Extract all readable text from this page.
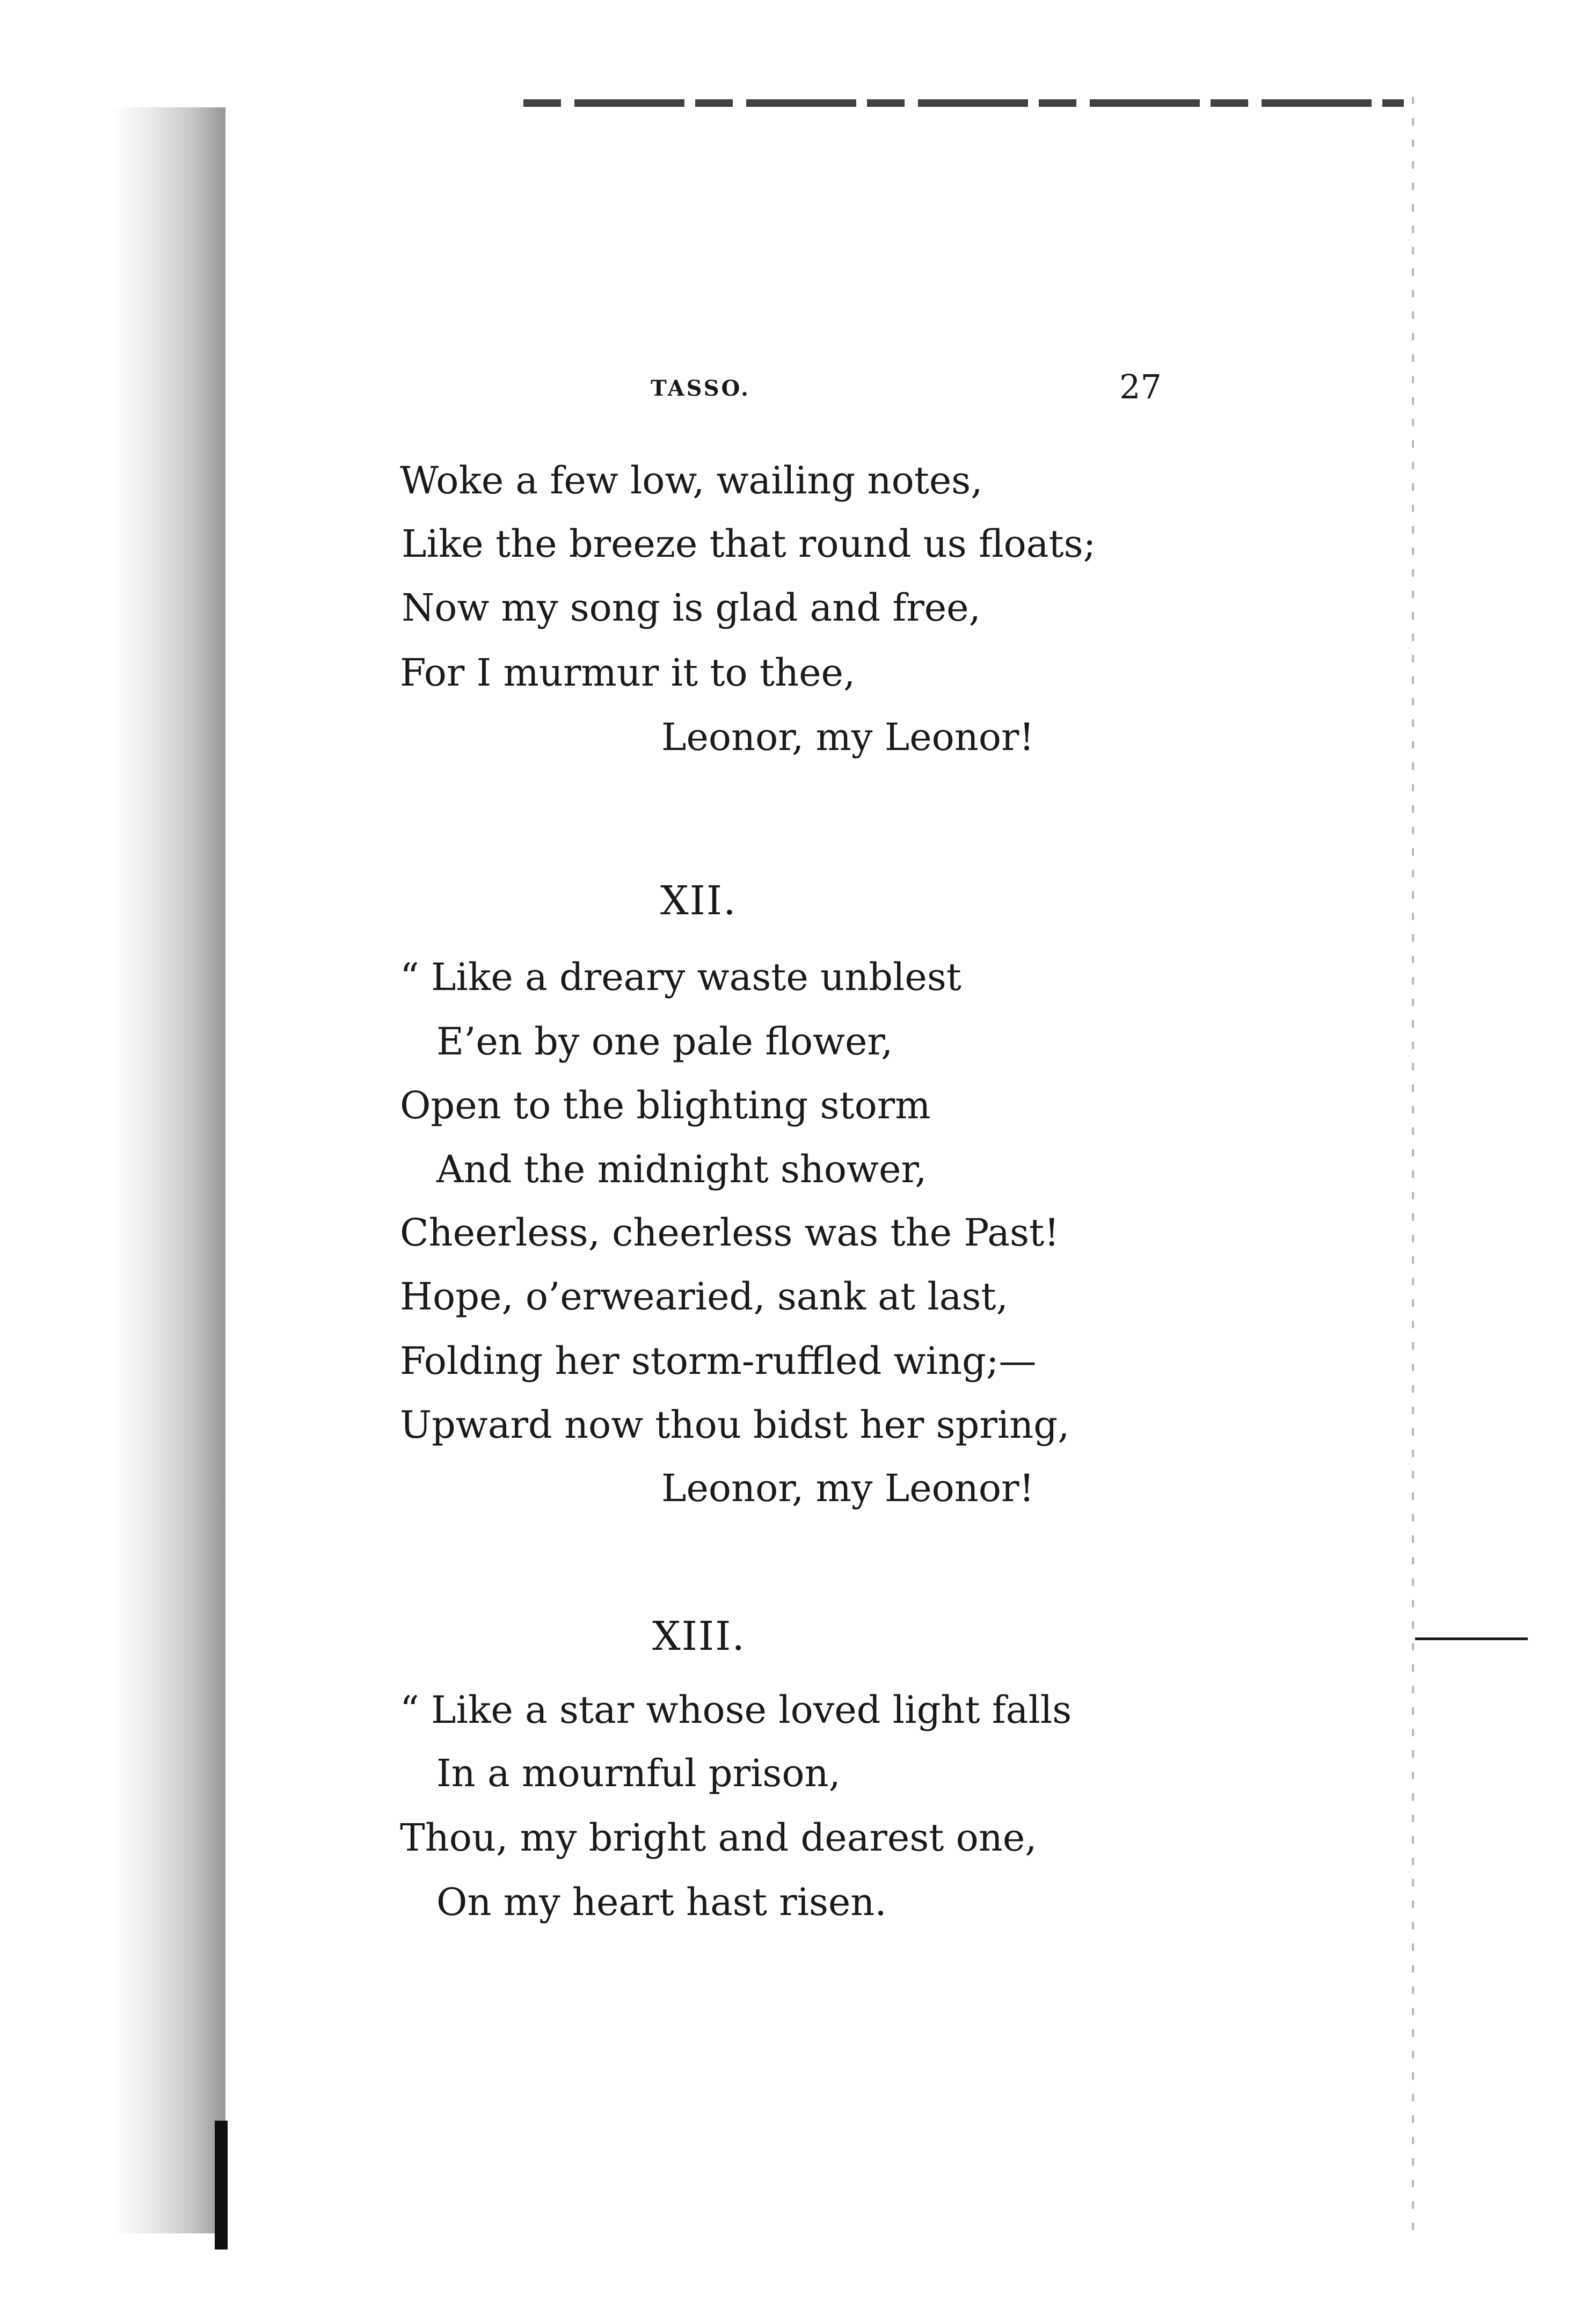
TASSO.	27
Woke a few low, wailing notes,
Like the breeze that round us floats;
Now my song is glad and free,
For I murmur it to thee,
Leonor, my Leonor!
XII.
“ Like a dreary waste unblest
E’en by one pale flower,
Open to the blighting storm
And the midnight shower,
Cheerless, cheerless was the Past!
Hope, o’erwearied, sank at last,
Folding her storm-ruffled wing;—
Upward now thou bidst her spring,
Leonor, my Leonor!
XIII.
“ Like a star whose loved light falls
In a mournful prison,
Thou, my bright and dearest one,
On my heart hast risen.
